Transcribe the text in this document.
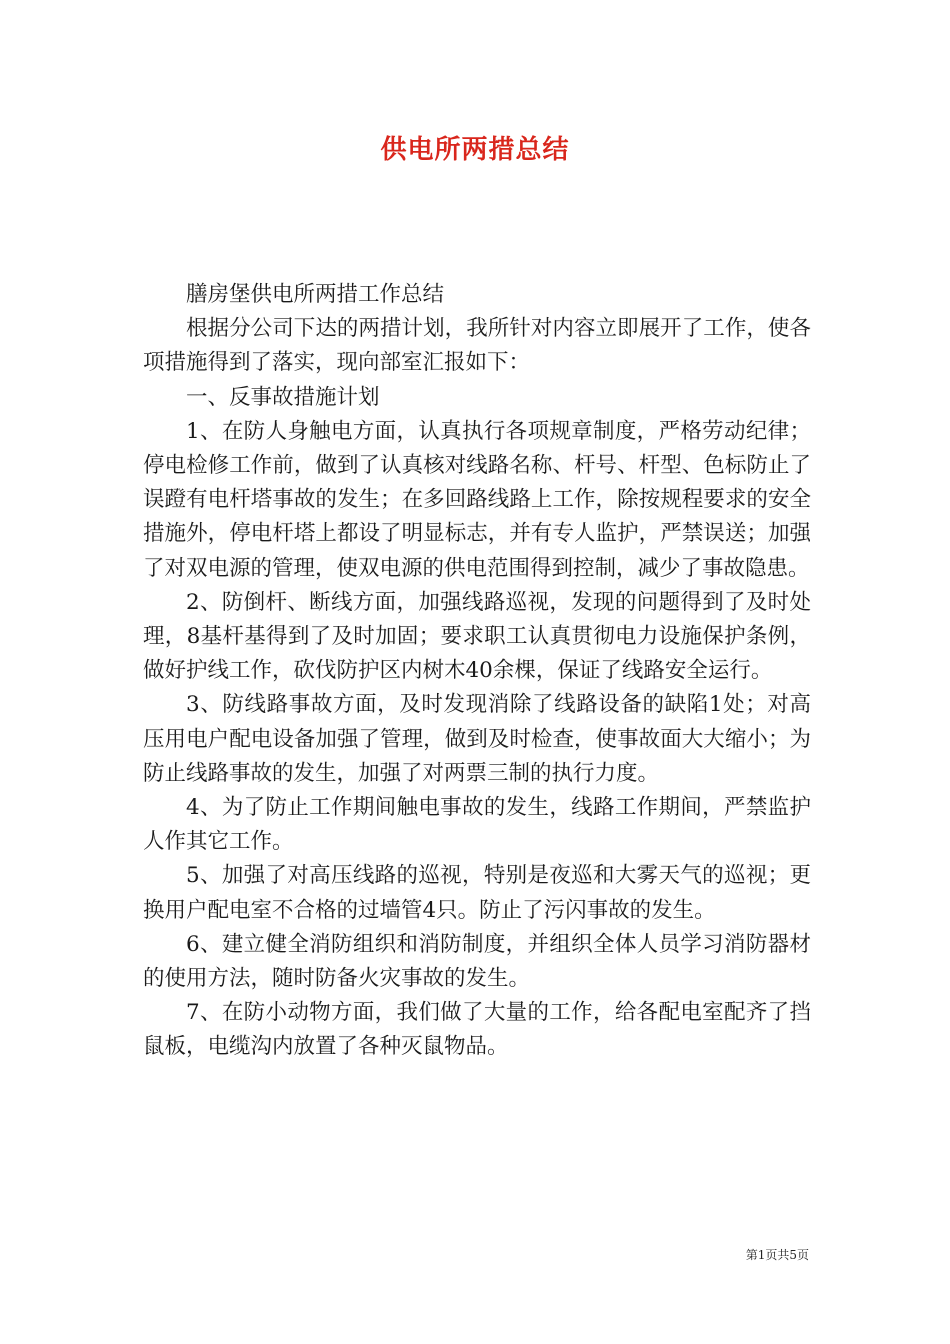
供电所两措总结

膳房堡供电所两措工作总结

根据分公司下达的两措计划，我所针对内容立即展开了工作，使各项措施得到了落实，现向部室汇报如下：

一、反事故措施计划

1、在防人身触电方面，认真执行各项规章制度，严格劳动纪律；停电检修工作前，做到了认真核对线路名称、杆号、杆型、色标防止了误蹬有电杆塔事故的发生；在多回路线路上工作，除按规程要求的安全措施外，停电杆塔上都设了明显标志，并有专人监护，严禁误送；加强了对双电源的管理，使双电源的供电范围得到控制，减少了事故隐患。

2、防倒杆、断线方面，加强线路巡视，发现的问题得到了及时处理，8基杆基得到了及时加固；要求职工认真贯彻电力设施保护条例，做好护线工作，砍伐防护区内树木40余棵，保证了线路安全运行。

3、防线路事故方面，及时发现消除了线路设备的缺陷1处；对高压用电户配电设备加强了管理，做到及时检查，使事故面大大缩小；为防止线路事故的发生，加强了对两票三制的执行力度。

4、为了防止工作期间触电事故的发生，线路工作期间，严禁监护人作其它工作。

5、加强了对高压线路的巡视，特别是夜巡和大雾天气的巡视；更换用户配电室不合格的过墙管4只。防止了污闪事故的发生。

6、建立健全消防组织和消防制度，并组织全体人员学习消防器材的使用方法，随时防备火灾事故的发生。

7、在防小动物方面，我们做了大量的工作，给各配电室配齐了挡鼠板，电缆沟内放置了各种灭鼠物品。

第1页共5页
